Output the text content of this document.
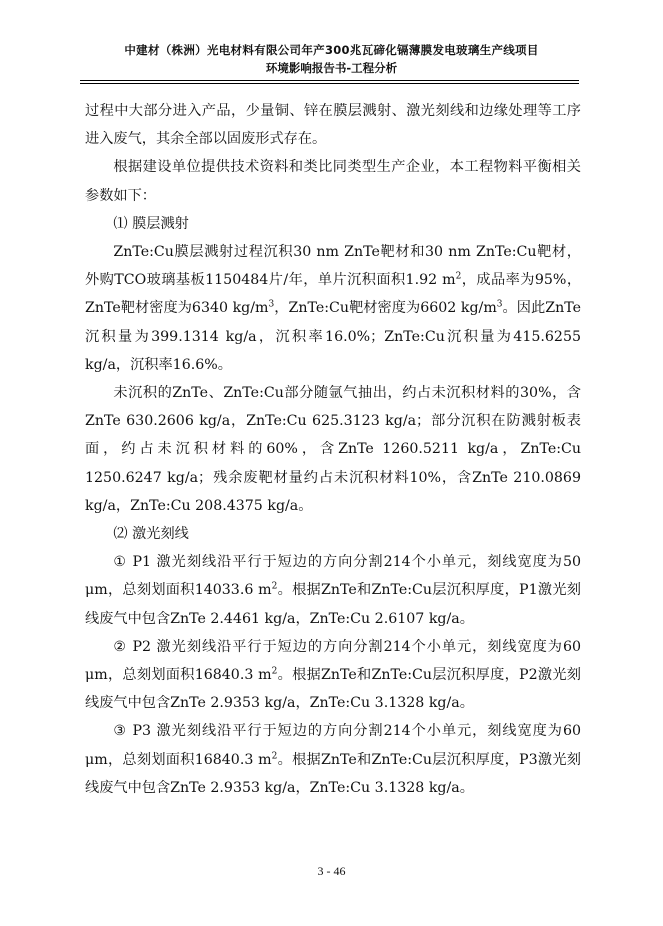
中建材（株洲）光电材料有限公司年产300兆瓦碲化镉薄膜发电玻璃生产线项目
环境影响报告书-工程分析

过程中大部分进入产品，少量铜、锌在膜层溅射、激光刻线和边缘处理等工序进入废气，其余全部以固废形式存在。

根据建设单位提供技术资料和类比同类型生产企业，本工程物料平衡相关参数如下：

⑴ 膜层溅射

ZnTe:Cu膜层溅射过程沉积30 nm ZnTe靶材和30 nm ZnTe:Cu靶材，外购TCO玻璃基板1150484片/年，单片沉积面积1.92 $m^2$，成品率为95%，ZnTe靶材密度为6340 $kg/m^3$，ZnTe:Cu靶材密度为6602 $kg/m^3$。因此ZnTe沉积量为399.1314 kg/a，沉积率16.0%；ZnTe:Cu沉积量为415.6255 kg/a，沉积率16.6%。

未沉积的ZnTe、ZnTe:Cu部分随氩气抽出，约占未沉积材料的30%，含ZnTe 630.2606 kg/a，ZnTe:Cu 625.3123 kg/a；部分沉积在防溅射板表面，约占未沉积材料的60%，含ZnTe 1260.5211 kg/a，ZnTe:Cu 1250.6247 kg/a；残余废靶材量约占未沉积材料10%，含ZnTe 210.0869 kg/a，ZnTe:Cu 208.4375 kg/a。

⑵ 激光刻线

① P1 激光刻线沿平行于短边的方向分割214个小单元，刻线宽度为50 μm，总刻划面积14033.6 $m^2$。根据ZnTe和ZnTe:Cu层沉积厚度，P1激光刻线废气中包含ZnTe 2.4461 kg/a，ZnTe:Cu 2.6107 kg/a。

② P2 激光刻线沿平行于短边的方向分割214个小单元，刻线宽度为60 μm，总刻划面积16840.3 $m^2$。根据ZnTe和ZnTe:Cu层沉积厚度，P2激光刻线废气中包含ZnTe 2.9353 kg/a，ZnTe:Cu 3.1328 kg/a。

③ P3 激光刻线沿平行于短边的方向分割214个小单元，刻线宽度为60 μm，总刻划面积16840.3 $m^2$。根据ZnTe和ZnTe:Cu层沉积厚度，P3激光刻线废气中包含ZnTe 2.9353 kg/a，ZnTe:Cu 3.1328 kg/a。

3 - 46
